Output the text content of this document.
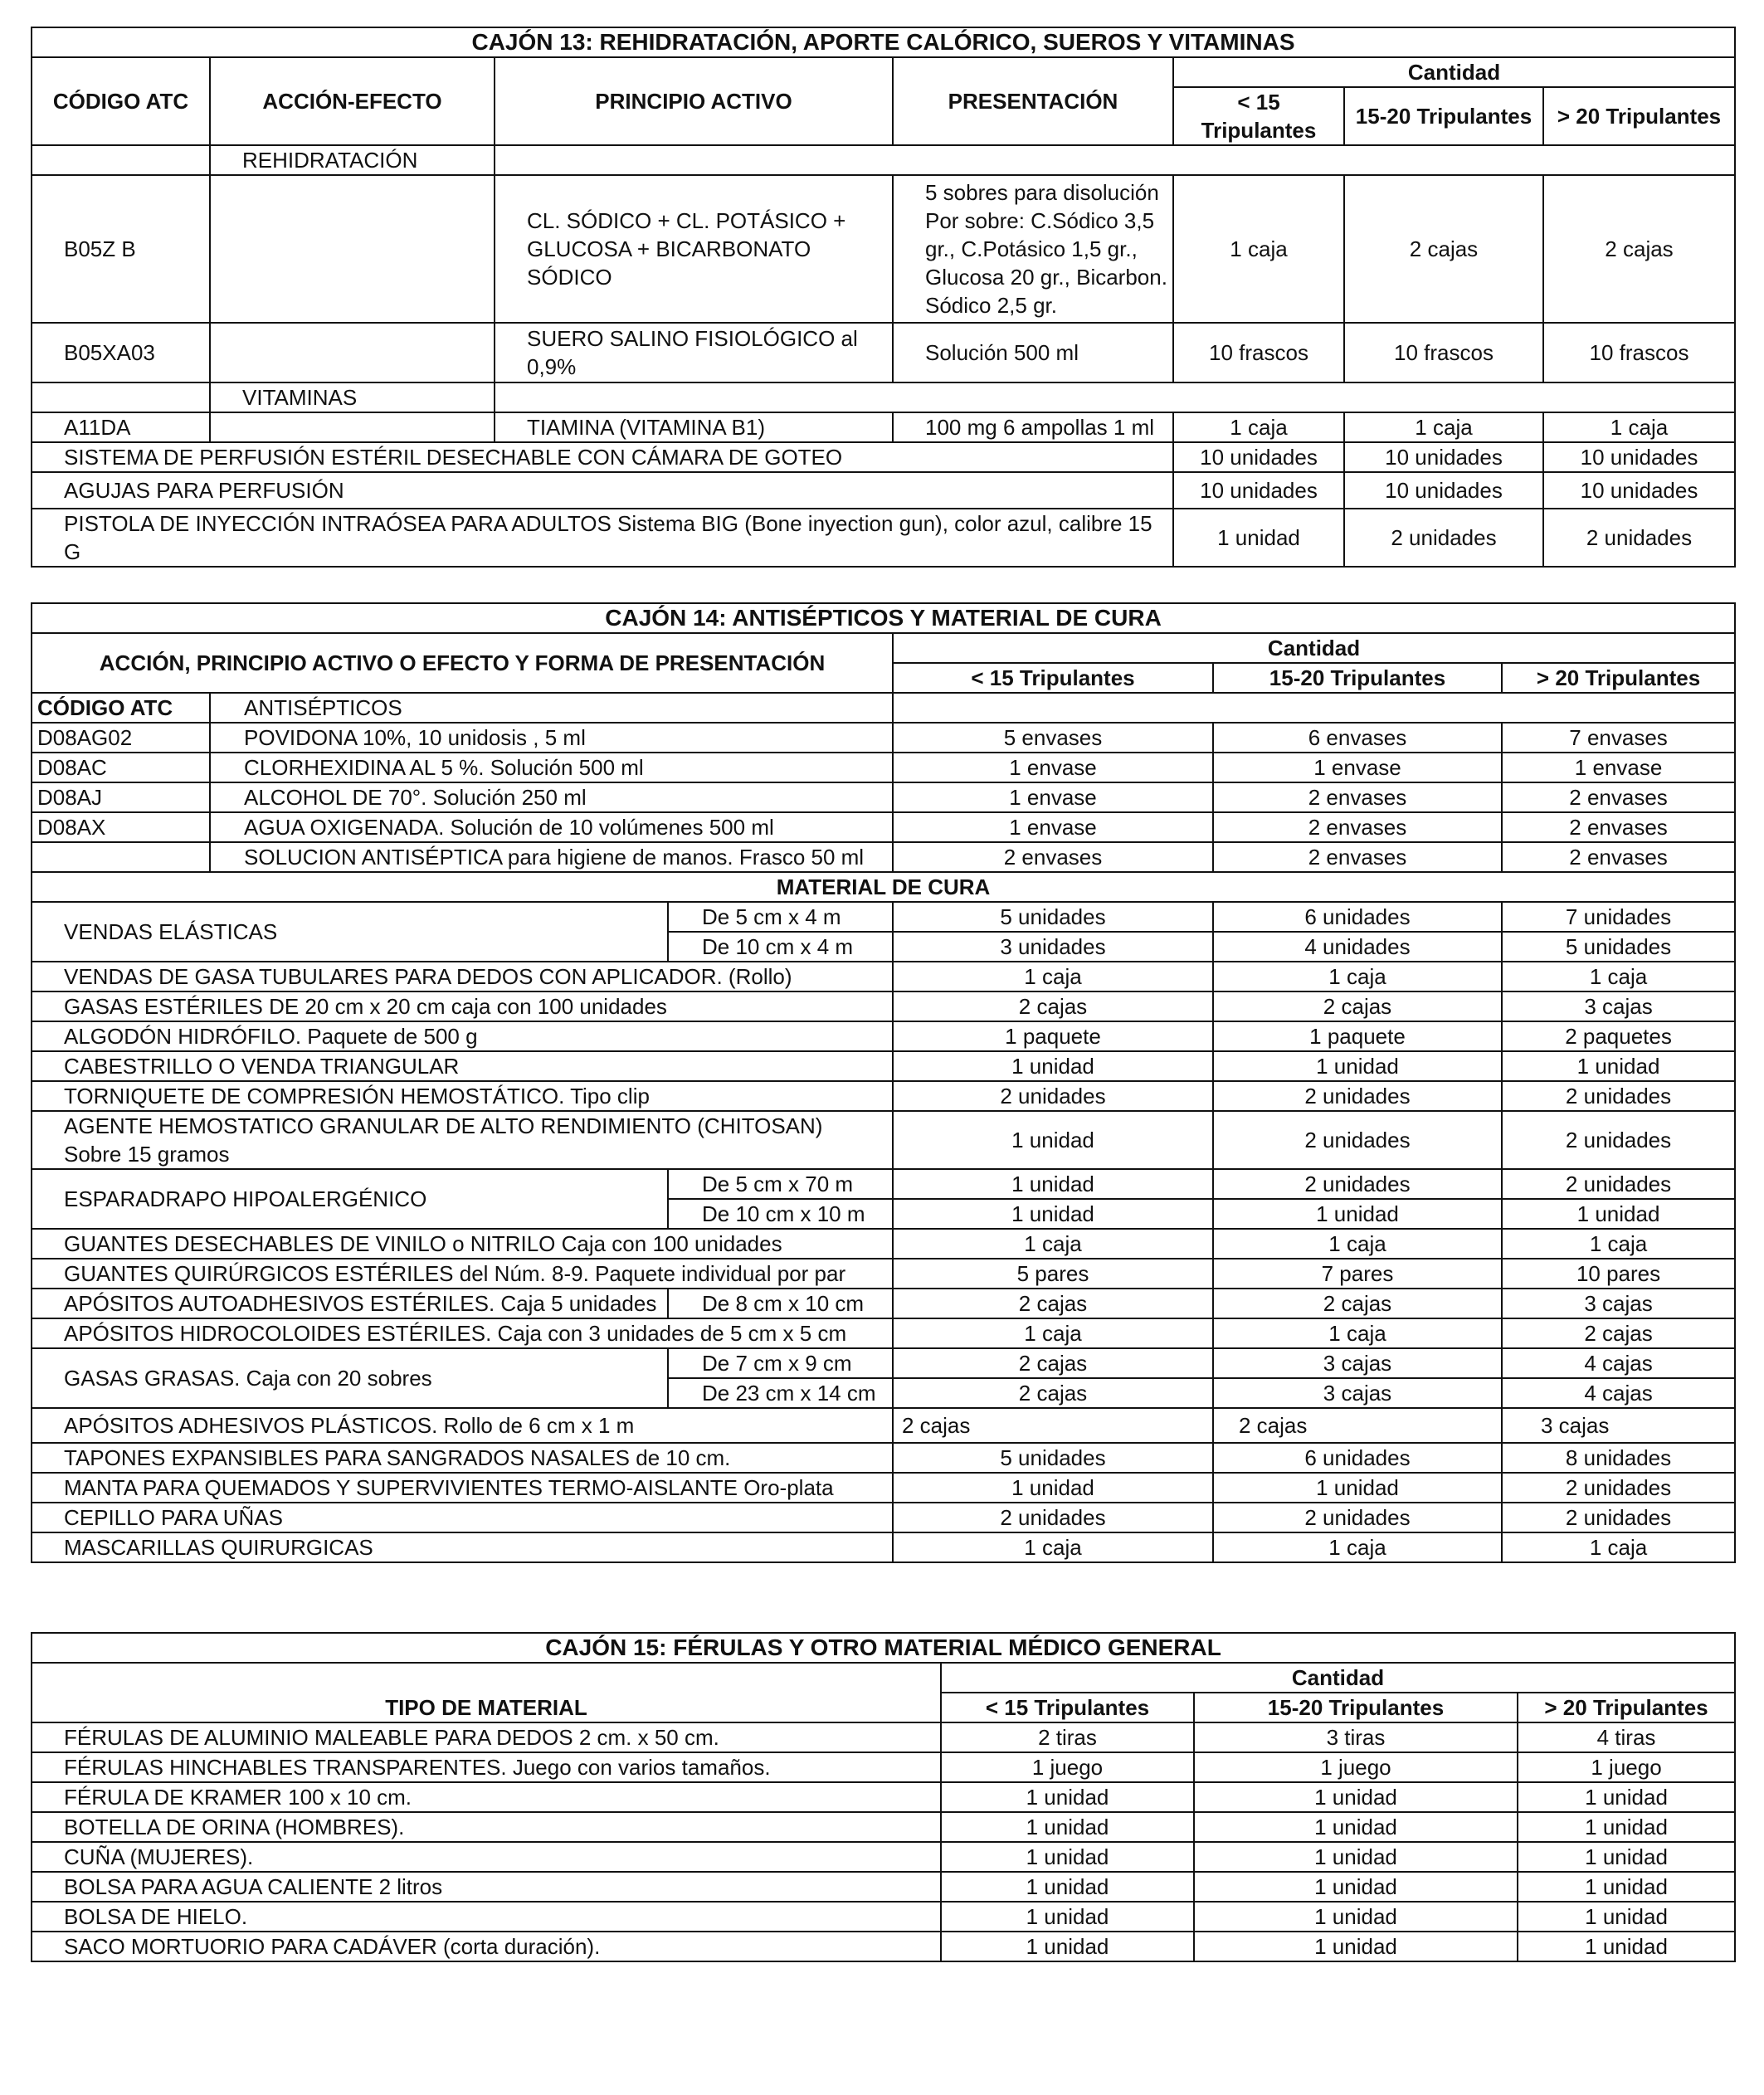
CAJÓN 13: REHIDRATACIÓN, APORTE CALÓRICO, SUEROS Y VITAMINAS						
CÓDIGO ATC	ACCIÓN-EFECTO	PRINCIPIO ACTIVO	PRESENTACIÓN	Cantidad		
				< 15 Tripulantes	15-20 Tripulantes	> 20 Tripulantes

	REHIDRATACIÓN					
B05Z B		CL. SÓDICO + CL. POTÁSICO + GLUCOSA + BICARBONATO SÓDICO	5 sobres para disolución Por sobre: C.Sódico 3,5 gr., C.Potásico 1,5 gr., Glucosa 20 gr., Bicarbon. Sódico 2,5 gr.	1 caja	2 cajas	2 cajas
B05XA03		SUERO SALINO FISIOLÓGICO al 0,9%	Solución 500 ml	10 frascos	10 frascos	10 frascos
	VITAMINAS					
A11DA		TIAMINA (VITAMINA B1)	100 mg 6 ampollas 1 ml	1 caja	1 caja	1 caja
SISTEMA DE PERFUSIÓN ESTÉRIL DESECHABLE CON CÁMARA DE GOTEO				10 unidades	10 unidades	10 unidades
AGUJAS PARA PERFUSIÓN				10 unidades	10 unidades	10 unidades
PISTOLA DE INYECCIÓN INTRAÓSEA PARA ADULTOS Sistema BIG (Bone inyection gun), color azul, calibre 15 G				1 unidad	2 unidades	2 unidades
CAJÓN 14: ANTISÉPTICOS Y MATERIAL DE CURA					
ACCIÓN, PRINCIPIO ACTIVO O EFECTO Y FORMA DE PRESENTACIÓN			Cantidad		
			< 15 Tripulantes	15-20 Tripulantes	> 20 Tripulantes
CÓDIGO ATC	ANTISÉPTICOS				
D08AG02	POVIDONA 10%, 10 unidosis , 5 ml		5 envases	6 envases	7 envases
D08AC	CLORHEXIDINA AL 5 %. Solución 500 ml		1 envase	1 envase	1 envase
D08AJ	ALCOHOL DE 70°. Solución 250 ml		1 envase	2 envases	2 envases
D08AX	AGUA OXIGENADA. Solución de 10 volúmenes 500 ml		1 envase	2 envases	2 envases
	SOLUCION ANTISÉPTICA para higiene de manos. Frasco 50 ml		2 envases	2 envases	2 envases
MATERIAL DE CURA					
VENDAS ELÁSTICAS		De 5 cm x 4 m	5 unidades	6 unidades	7 unidades
		De 10 cm x 4 m	3 unidades	4 unidades	5 unidades
VENDAS DE GASA TUBULARES PARA DEDOS CON APLICADOR. (Rollo)			1 caja	1 caja	1 caja
GASAS ESTÉRILES DE 20 cm x 20 cm caja con 100 unidades			2 cajas	2 cajas	3 cajas
ALGODÓN HIDRÓFILO. Paquete de 500 g			1 paquete	1 paquete	2 paquetes
CABESTRILLO O VENDA TRIANGULAR			1 unidad	1 unidad	1 unidad
TORNIQUETE DE COMPRESIÓN HEMOSTÁTICO. Tipo clip			2 unidades	2 unidades	2 unidades
AGENTE HEMOSTATICO GRANULAR DE ALTO RENDIMIENTO (CHITOSAN) Sobre 15 gramos			1 unidad	2 unidades	2 unidades
ESPARADRAPO HIPOALERGÉNICO		De 5 cm x 70 m	1 unidad	2 unidades	2 unidades
		De 10 cm x 10 m	1 unidad	1 unidad	1 unidad
GUANTES DESECHABLES DE VINILO o NITRILO Caja con 100 unidades			1 caja	1 caja	1 caja
GUANTES QUIRÚRGICOS ESTÉRILES del Núm. 8-9. Paquete individual por par			5 pares	7 pares	10 pares
APÓSITOS AUTOADHESIVOS ESTÉRILES. Caja 5 unidades		De 8 cm x 10 cm	2 cajas	2 cajas	3 cajas
APÓSITOS HIDROCOLOIDES ESTÉRILES. Caja con 3 unidades de 5 cm x 5 cm			1 caja	1 caja	2 cajas
GASAS GRASAS. Caja con 20 sobres		De 7 cm x 9 cm	2 cajas	3 cajas	4 cajas
		De 23 cm x 14 cm	2 cajas	3 cajas	4 cajas
APÓSITOS ADHESIVOS PLÁSTICOS. Rollo de 6 cm x 1 m			2 cajas	2 cajas	3 cajas
TAPONES EXPANSIBLES PARA SANGRADOS NASALES de 10 cm.			5 unidades	6 unidades	8 unidades
MANTA PARA QUEMADOS Y SUPERVIVIENTES TERMO-AISLANTE Oro-plata			1 unidad	1 unidad	2 unidades
CEPILLO PARA UÑAS			2 unidades	2 unidades	2 unidades
MASCARILLAS QUIRURGICAS			1 caja	1 caja	1 caja
CAJÓN 15: FÉRULAS Y OTRO MATERIAL MÉDICO GENERAL			
TIPO DE MATERIAL	Cantidad		
	< 15 Tripulantes	15-20 Tripulantes	> 20 Tripulantes
FÉRULAS DE ALUMINIO MALEABLE PARA DEDOS 2 cm. x 50 cm.	2 tiras	3 tiras	4 tiras
FÉRULAS HINCHABLES TRANSPARENTES. Juego con varios tamaños.	1 juego	1 juego	1 juego
FÉRULA DE KRAMER 100 x 10 cm.	1 unidad	1 unidad	1 unidad
BOTELLA DE ORINA (HOMBRES).	1 unidad	1 unidad	1 unidad
CUÑA (MUJERES).	1 unidad	1 unidad	1 unidad
BOLSA PARA AGUA CALIENTE 2 litros	1 unidad	1 unidad	1 unidad
BOLSA DE HIELO.	1 unidad	1 unidad	1 unidad
SACO MORTUORIO PARA CADÁVER (corta duración).	1 unidad	1 unidad	1 unidad
